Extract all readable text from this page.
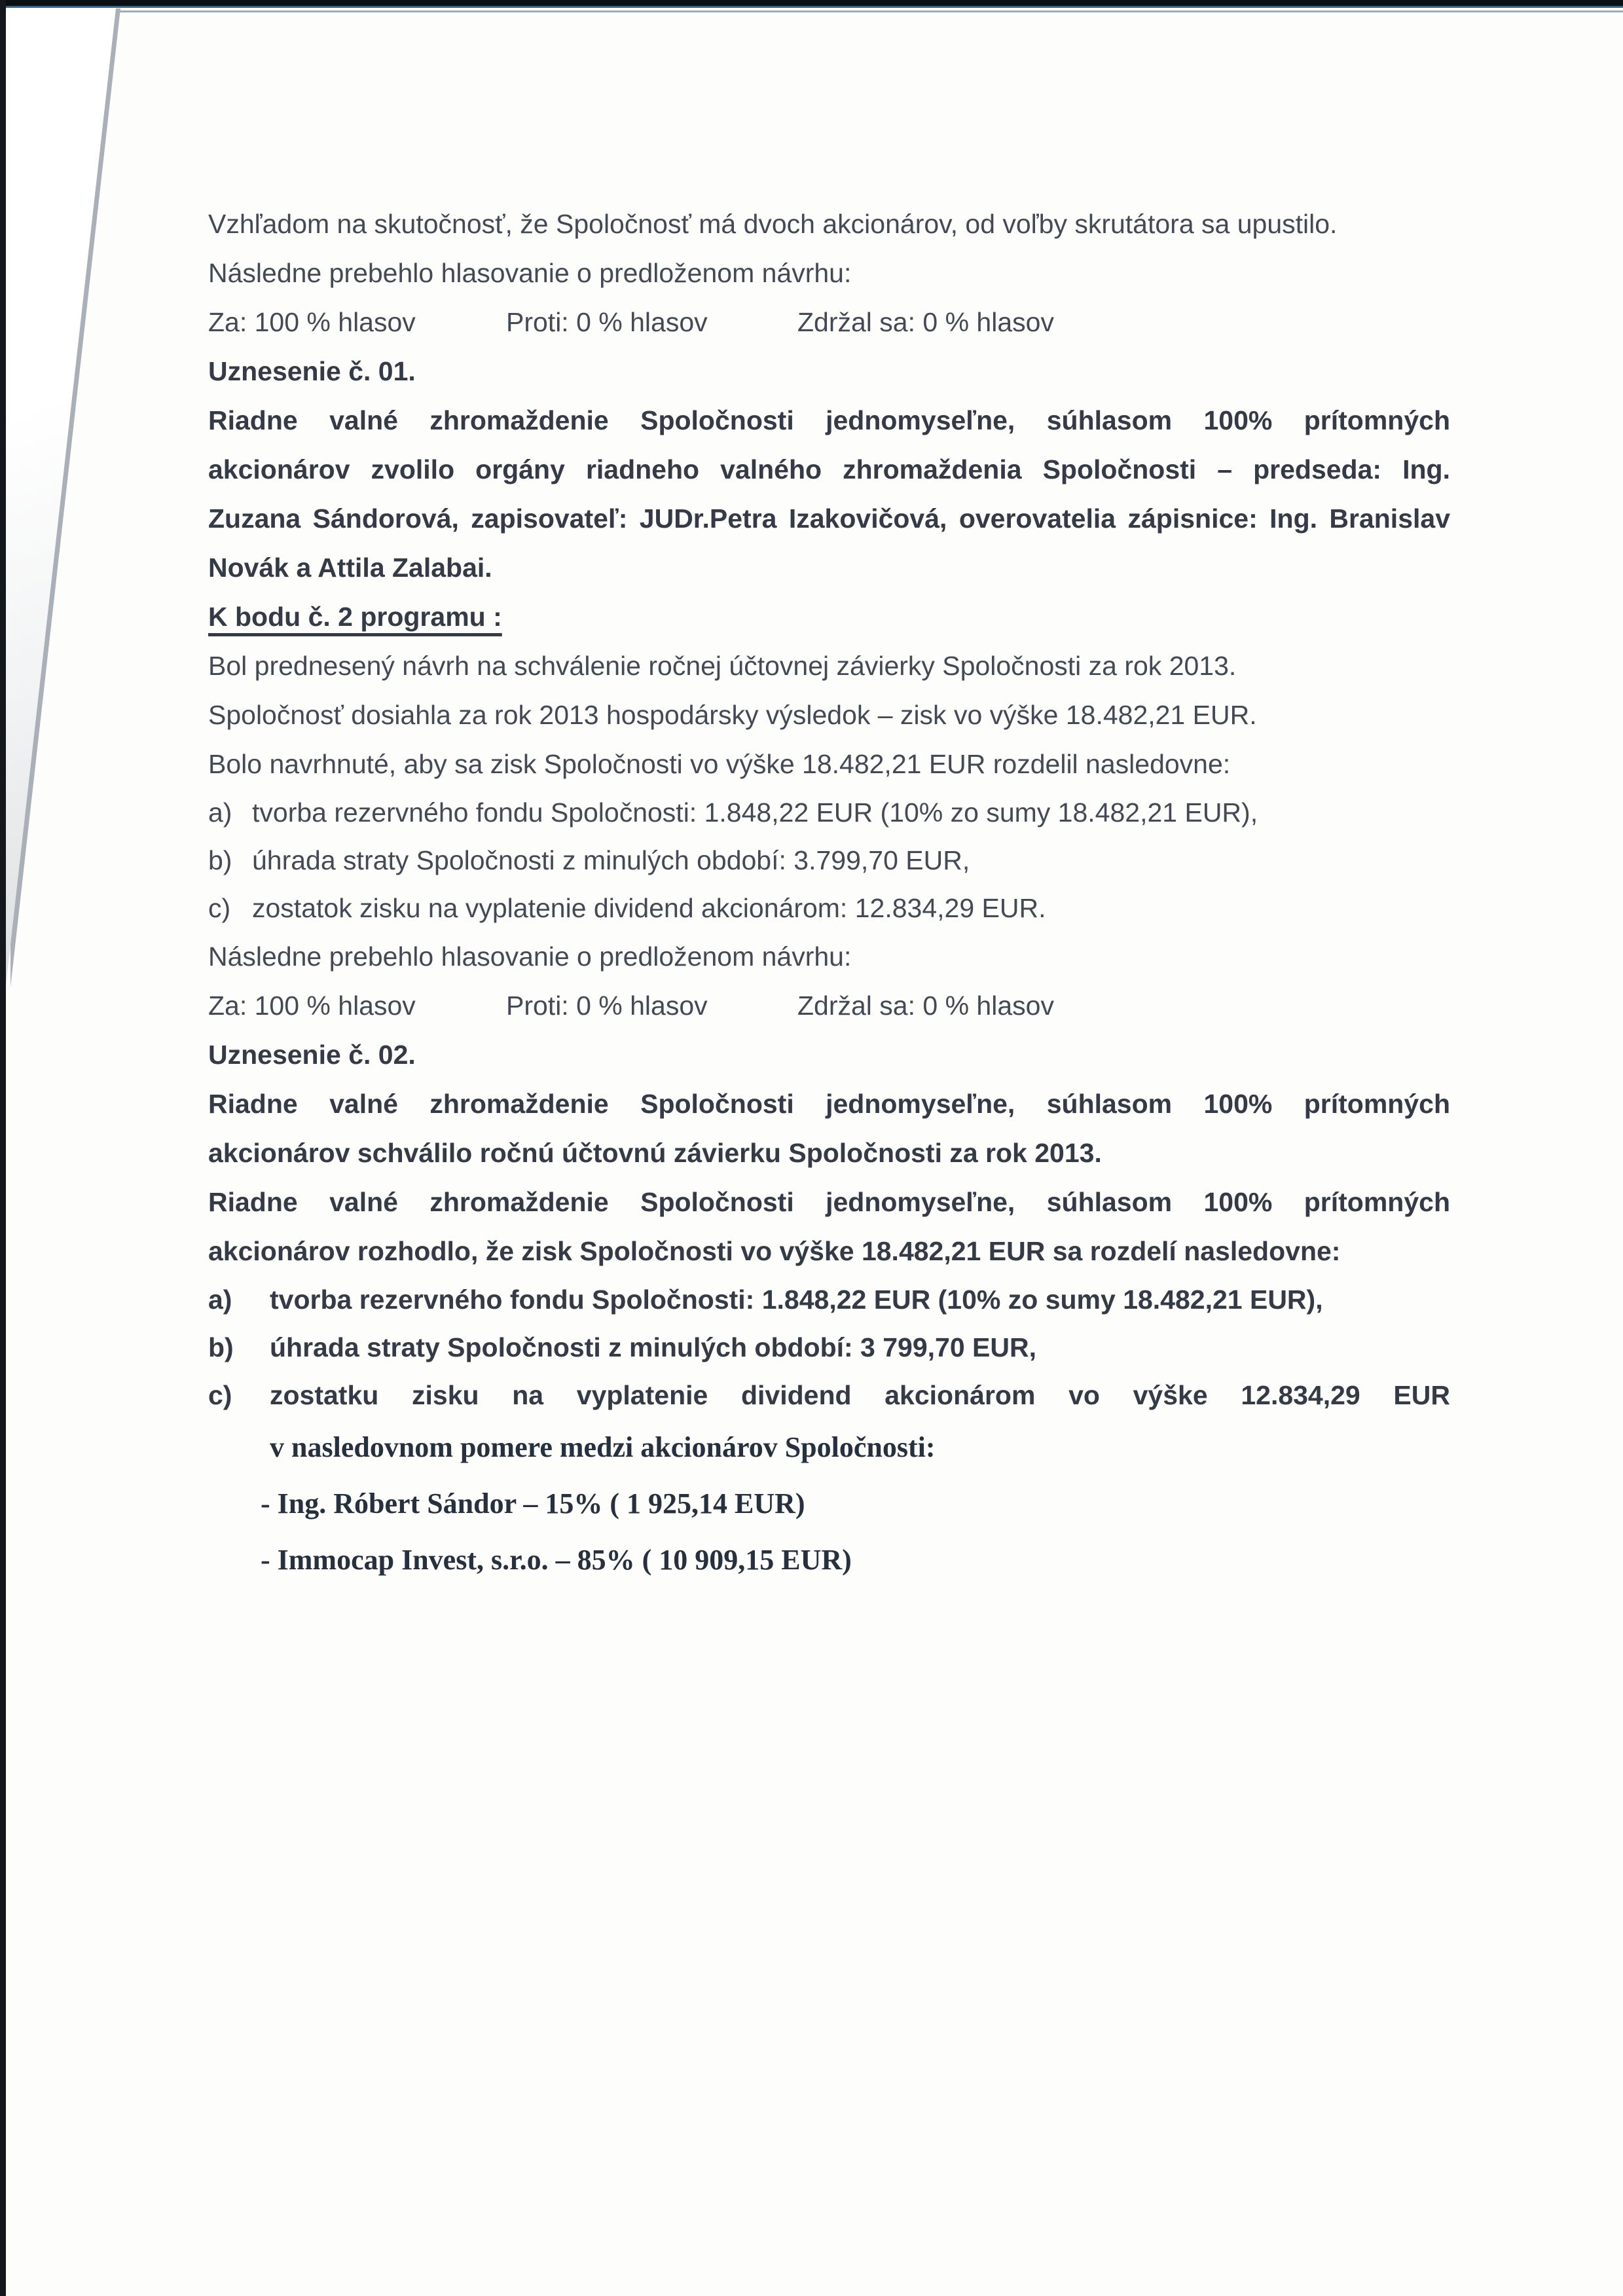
Vzhľadom na skutočnosť, že Spoločnosť má dvoch akcionárov, od voľby skrutátora sa upustilo.
Následne prebehlo hlasovanie o predloženom návrhu:
Za: 100 % hlasov	Proti: 0 % hlasov	Zdržal sa: 0 % hlasov
Uznesenie č. 01.
Riadne valné zhromaždenie Spoločnosti jednomyseľne, súhlasom 100% prítomných
akcionárov zvolilo orgány riadneho valného zhromaždenia Spoločnosti – predseda: Ing.
Zuzana Sándorová, zapisovateľ: JUDr.Petra Izakovičová, overovatelia zápisnice: Ing. Branislav
Novák a Attila Zalabai.
K bodu č. 2 programu :
Bol prednesený návrh na schválenie ročnej účtovnej závierky Spoločnosti za rok 2013.
Spoločnosť dosiahla za rok 2013 hospodársky výsledok – zisk vo výške 18.482,21 EUR.
Bolo navrhnuté, aby sa zisk Spoločnosti vo výške 18.482,21 EUR rozdelil nasledovne:
a) tvorba rezervného fondu Spoločnosti: 1.848,22 EUR (10% zo sumy 18.482,21 EUR),
b) úhrada straty Spoločnosti z minulých období: 3.799,70 EUR,
c) zostatok zisku na vyplatenie dividend akcionárom: 12.834,29 EUR.
Následne prebehlo hlasovanie o predloženom návrhu:
Za: 100 % hlasov	Proti: 0 % hlasov	Zdržal sa: 0 % hlasov
Uznesenie č. 02.
Riadne valné zhromaždenie Spoločnosti jednomyseľne, súhlasom 100% prítomných
akcionárov schválilo ročnú účtovnú závierku Spoločnosti za rok 2013.
Riadne valné zhromaždenie Spoločnosti jednomyseľne, súhlasom 100% prítomných
akcionárov rozhodlo, že zisk Spoločnosti vo výške 18.482,21 EUR sa rozdelí nasledovne:
a)	tvorba rezervného fondu Spoločnosti: 1.848,22 EUR (10% zo sumy 18.482,21 EUR),
b)	úhrada straty Spoločnosti z minulých období: 3 799,70 EUR,
c)	zostatku zisku na vyplatenie dividend akcionárom vo výške 12.834,29 EUR
v nasledovnom pomere medzi akcionárov Spoločnosti:
- Ing. Róbert Sándor – 15% ( 1 925,14 EUR)
- Immocap Invest, s.r.o. – 85% ( 10 909,15 EUR)
